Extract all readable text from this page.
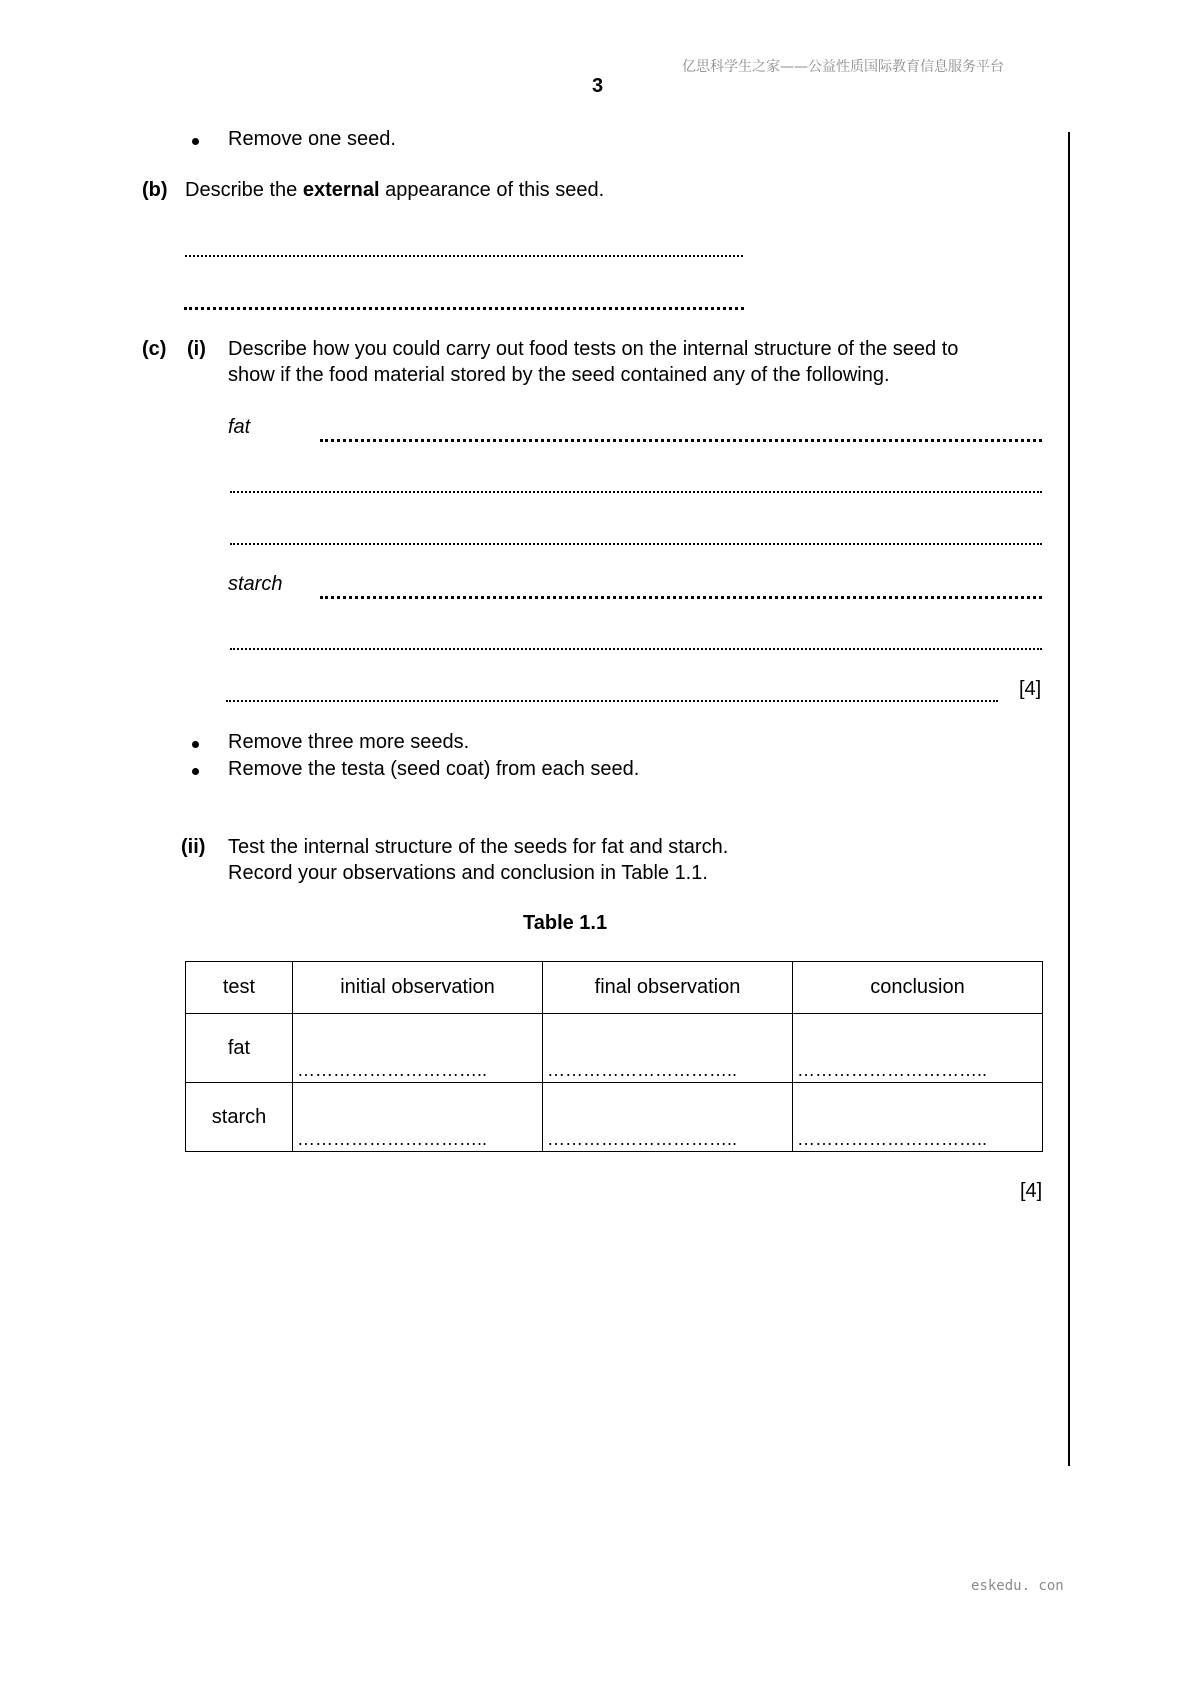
亿思科学生之家——公益性质国际教育信息服务平台
3
eskedu. con
Remove one seed.
(b) Describe the external appearance of this seed.
(c) (i) Describe how you could carry out food tests on the internal structure of the seed to
show if the food material stored by the seed contained any of the following.
fat
starch
[4]
Remove three more seeds.
Remove the testa (seed coat) from each seed.
(ii) Test the internal structure of the seeds for fat and starch.
Record your observations and conclusion in Table 1.1.
Table 1.1
test	initial observation	final observation	conclusion
fat	…………………………..	…………………………..	…………………………..

starch	…………………………..	…………………………..	…………………………..
[4]
